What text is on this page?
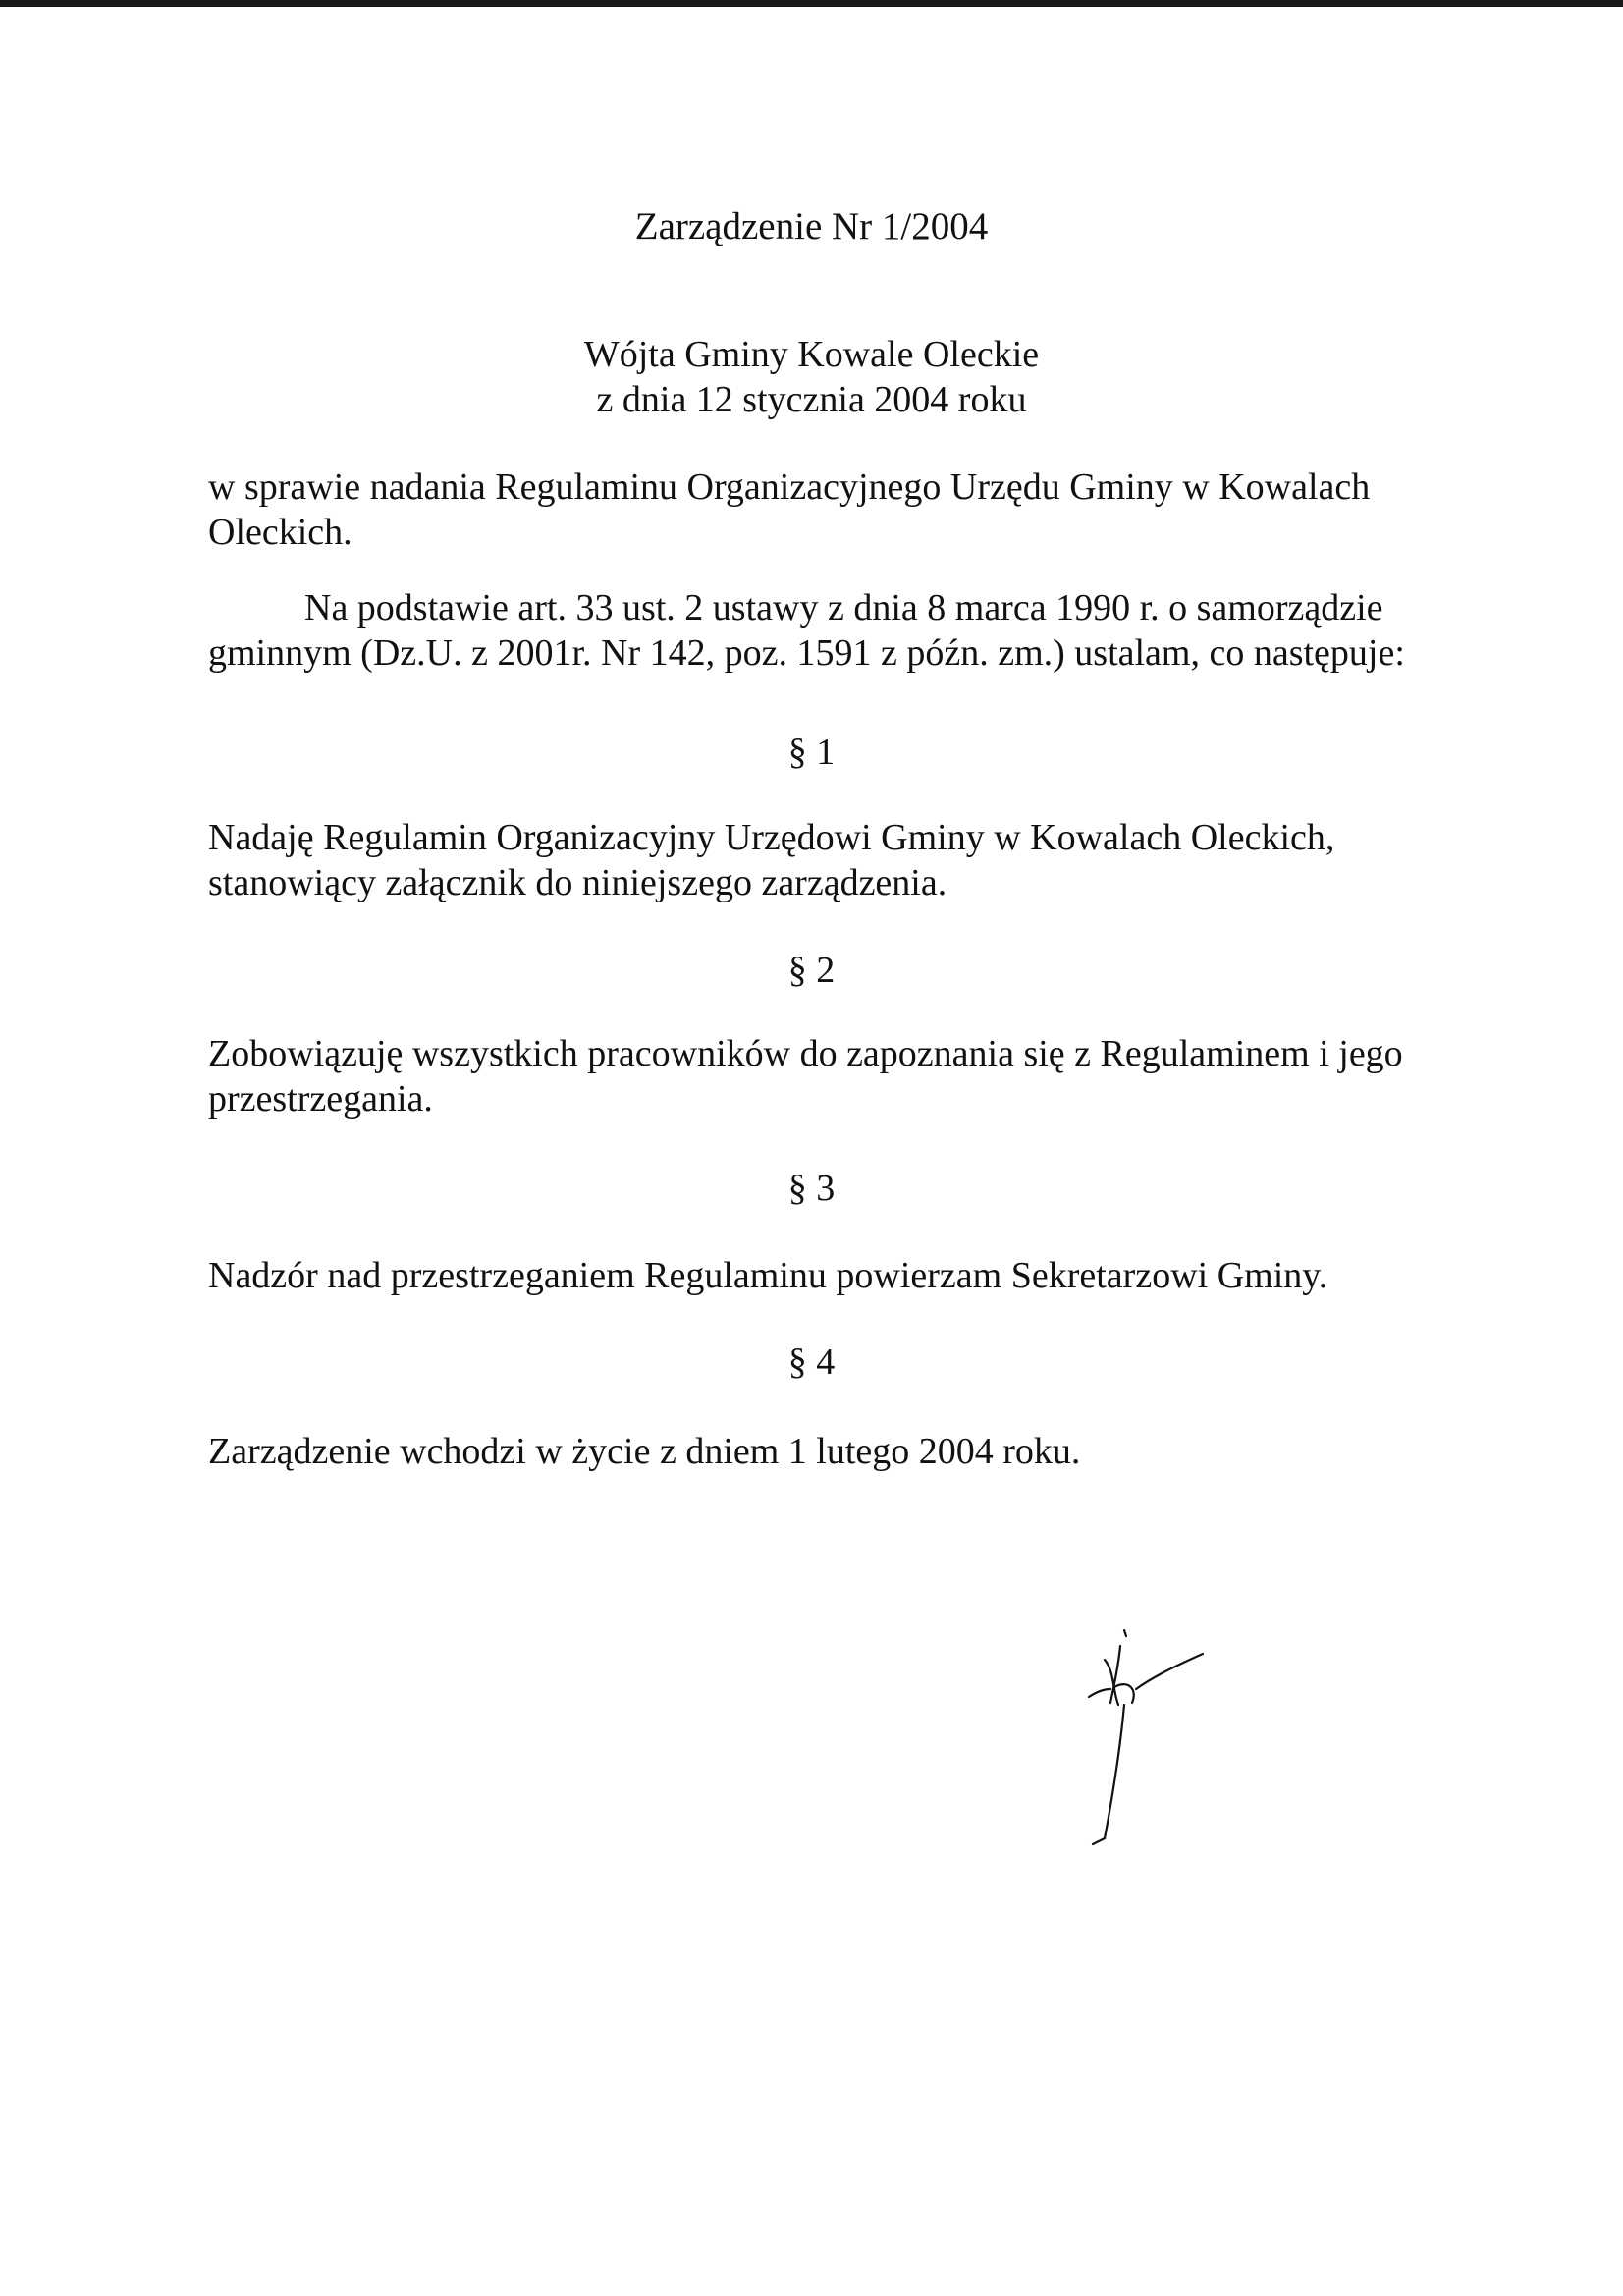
Zarządzenie Nr 1/2004
Wójta Gminy Kowale Oleckie
z dnia 12 stycznia 2004 roku
w sprawie nadania Regulaminu Organizacyjnego Urzędu Gminy w Kowalach Oleckich.
Na podstawie art. 33 ust. 2 ustawy z dnia 8 marca 1990 r. o samorządzie gminnym (Dz.U. z 2001r. Nr 142, poz. 1591 z późn. zm.) ustalam, co następuje:
§ 1
Nadaję Regulamin Organizacyjny Urzędowi Gminy w Kowalach Oleckich, stanowiący załącznik do niniejszego zarządzenia.
§ 2
Zobowiązuję wszystkich pracowników do zapoznania się z Regulaminem i jego przestrzegania.
§ 3
Nadzór nad przestrzeganiem Regulaminu powierzam Sekretarzowi Gminy.
§ 4
Zarządzenie wchodzi w życie z dniem 1 lutego 2004 roku.
